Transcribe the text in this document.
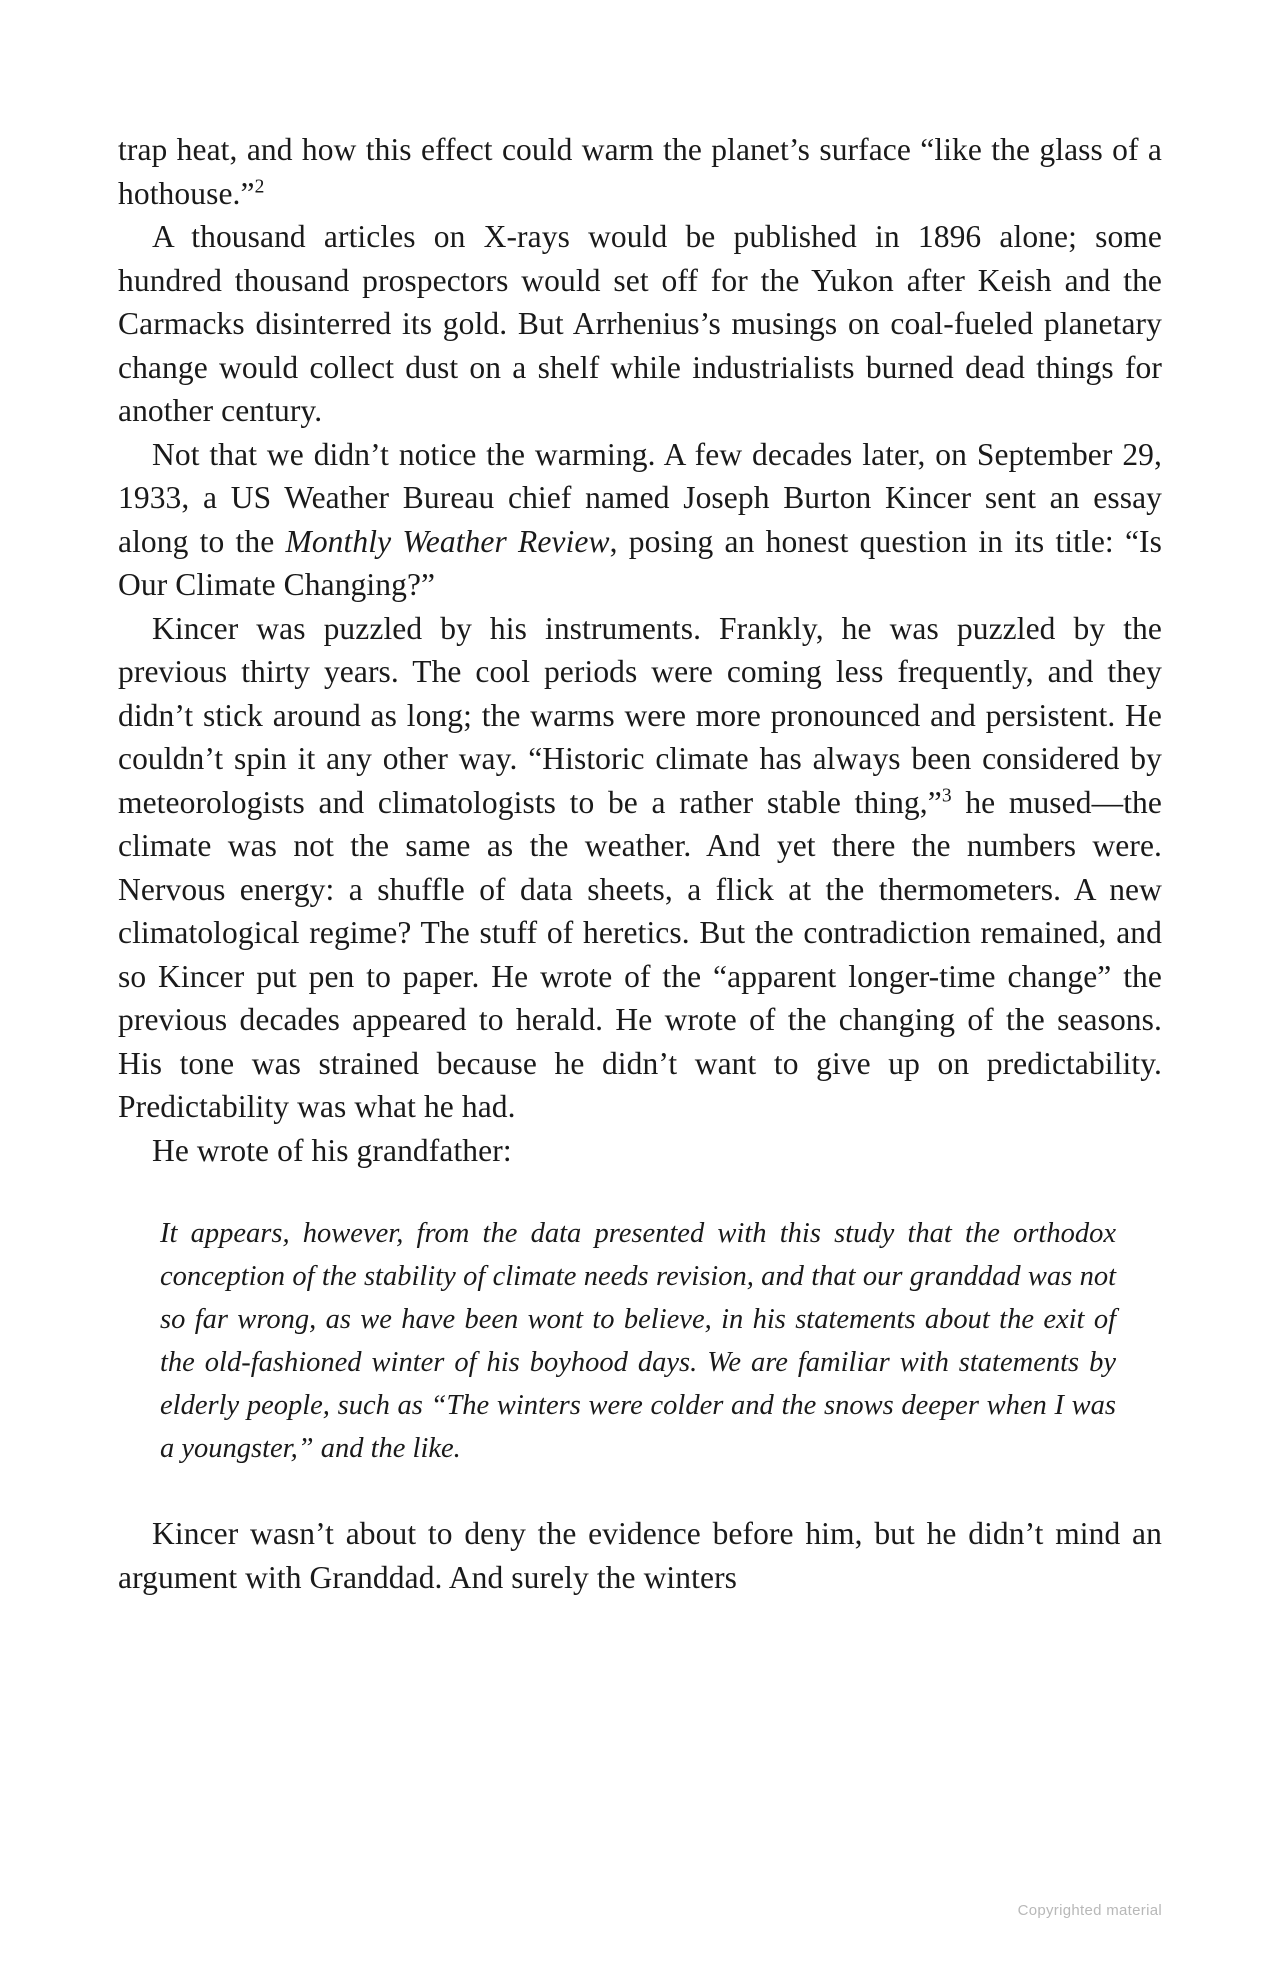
trap heat, and how this effect could warm the planet’s surface “like the glass of a hothouse.”$^2$

A thousand articles on X-rays would be published in 1896 alone; some hundred thousand prospectors would set off for the Yukon after Keish and the Carmacks disinterred its gold. But Arrhenius’s musings on coal-fueled planetary change would collect dust on a shelf while industrialists burned dead things for another century.

Not that we didn’t notice the warming. A few decades later, on September 29, 1933, a US Weather Bureau chief named Joseph Burton Kincer sent an essay along to the Monthly Weather Review, posing an honest question in its title: “Is Our Climate Changing?”

Kincer was puzzled by his instruments. Frankly, he was puzzled by the previous thirty years. The cool periods were coming less frequently, and they didn’t stick around as long; the warms were more pronounced and persistent. He couldn’t spin it any other way. “Historic climate has always been considered by meteorologists and climatologists to be a rather stable thing,”$^3$ he mused—the climate was not the same as the weather. And yet there the numbers were. Nervous energy: a shuffle of data sheets, a flick at the thermometers. A new climatological regime? The stuff of heretics. But the contradiction remained, and so Kincer put pen to paper. He wrote of the “apparent longer-time change” the previous decades appeared to herald. He wrote of the changing of the seasons. His tone was strained because he didn’t want to give up on predictability. Predictability was what he had.

He wrote of his grandfather:

It appears, however, from the data presented with this study that the orthodox conception of the stability of climate needs revision, and that our granddad was not so far wrong, as we have been wont to believe, in his statements about the exit of the old-fashioned winter of his boyhood days. We are familiar with statements by elderly people, such as “The winters were colder and the snows deeper when I was a youngster,” and the like.

Kincer wasn’t about to deny the evidence before him, but he didn’t mind an argument with Granddad. And surely the winters

Copyrighted material
